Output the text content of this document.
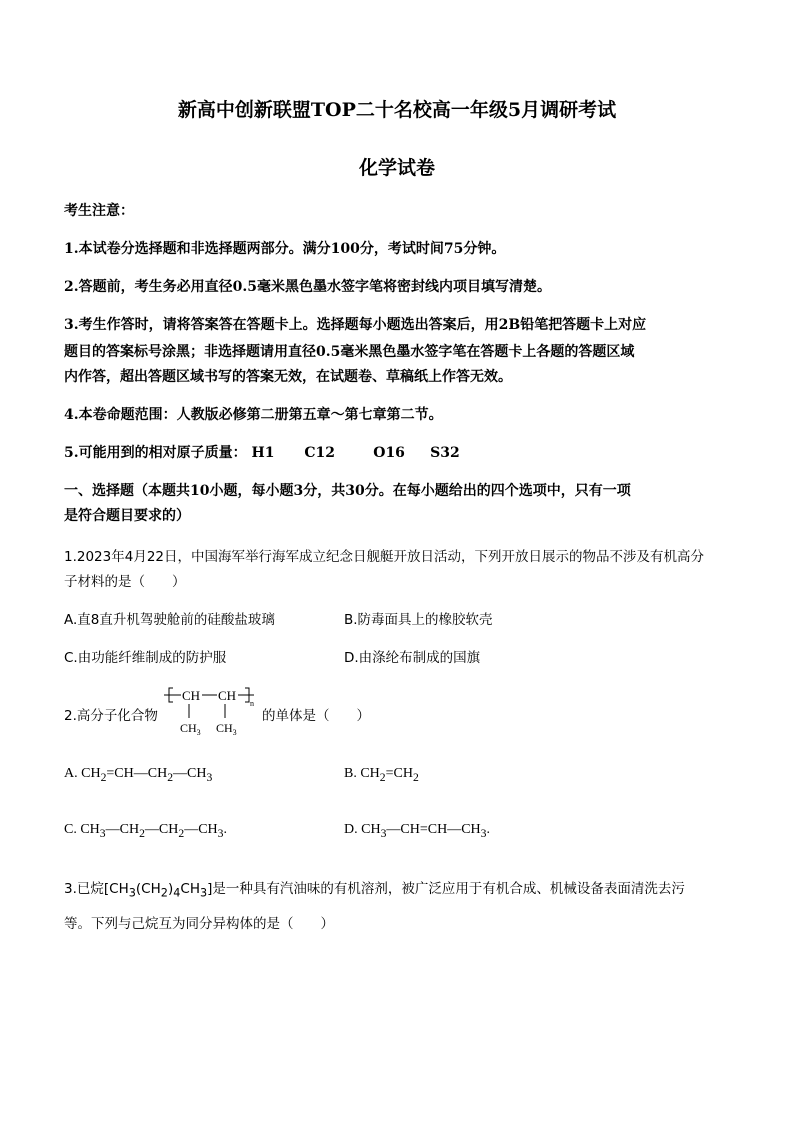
新高中创新联盟TOP二十名校高一年级5月调研考试
化学试卷
考生注意：
1.本试卷分选择题和非选择题两部分。满分100分，考试时间75分钟。
2.答题前，考生务必用直径0.5毫米黑色墨水签字笔将密封线内项目填写清楚。
3.考生作答时，请将答案答在答题卡上。选择题每小题选出答案后，用2B铅笔把答题卡上对应
题目的答案标号涂黑；非选择题请用直径0.5毫米黑色墨水签字笔在答题卡上各题的答题区域
内作答，超出答题区域书写的答案无效，在试题卷、草稿纸上作答无效。
4.本卷命题范围：人教版必修第二册第五章～第七章第二节。
5.可能用到的相对原子质量： H1 C12	O16 S32
一、选择题（本题共10小题，每小题3分，共30分。在每小题给出的四个选项中，只有一项
是符合题目要求的）
1.2023年4月22日，中国海军举行海军成立纪念日舰艇开放日活动，下列开放日展示的物品不涉及有机高分
子材料的是（　　）
A.直8直升机驾驶舱前的硅酸盐玻璃	B.防毒面具上的橡胶软壳
C.由功能纤维制成的防护服	D.由涤纶布制成的国旗
2.高分子化合物
CH CH
n
$CH_3$ $CH_3$
的单体是（　　）
A. $CH_2=CH—CH_2—CH_3$	B. $CH_2=CH_2$
C. $CH_3—CH_2—CH_2—CH_3$.	D. $CH_3—CH=CH—CH_3$.
3.已烷$[CH_3(CH_2)_4CH_3]$是一种具有汽油味的有机溶剂，被广泛应用于有机合成、机械设备表面清洗去污
等。下列与己烷互为同分异构体的是（　　）
